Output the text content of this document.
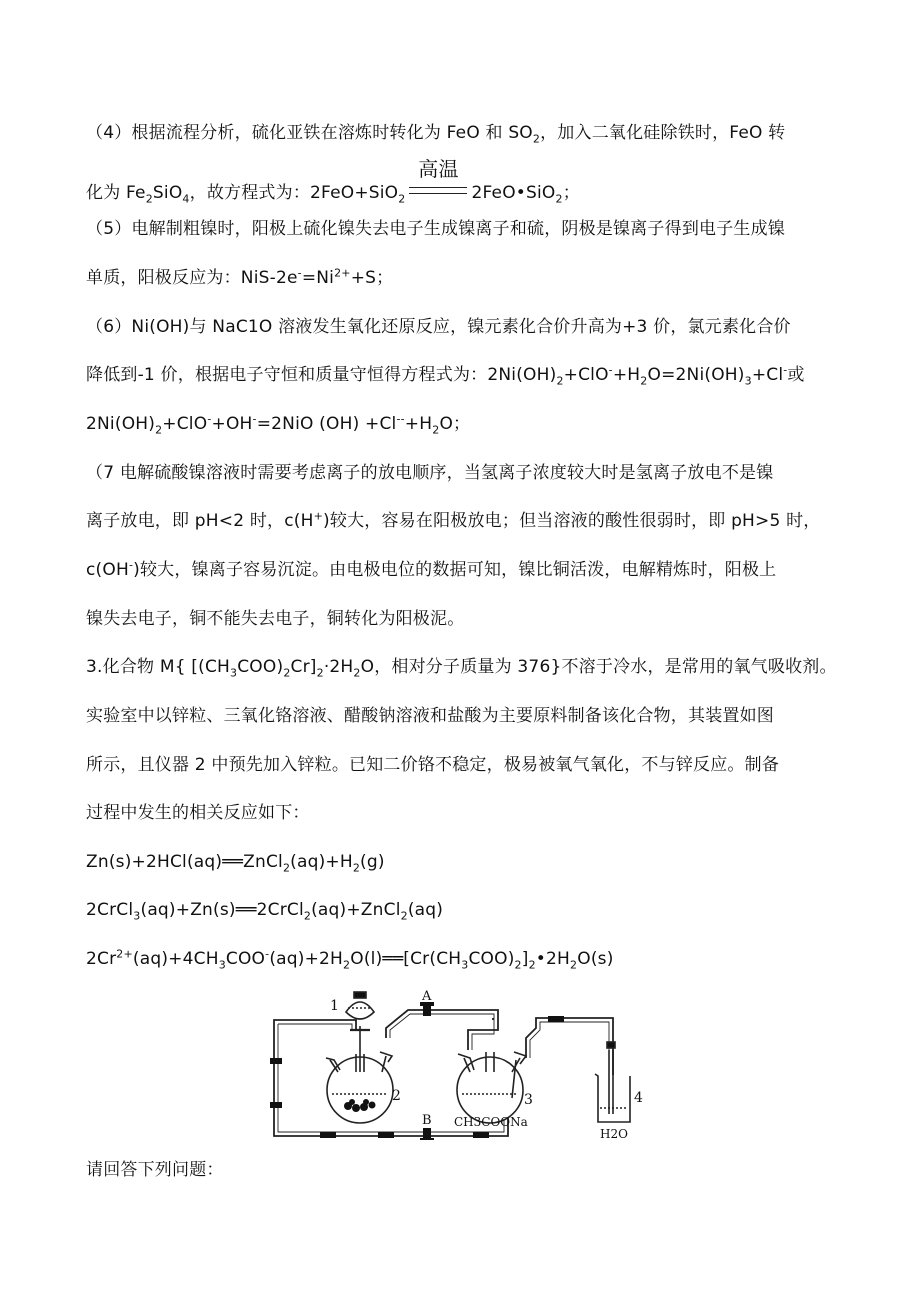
（4）根据流程分析，硫化亚铁在溶炼时转化为 FeO 和 $SO_2$，加入二氧化硅除铁时，FeO 转
化为 $Fe_2SiO_4$，故方程式为：2FeO+SiO$_2$
高温
2FeO•SiO$_2$；
（5）电解制粗镍时，阳极上硫化镍失去电子生成镍离子和硫，阴极是镍离子得到电子生成镍
单质，阳极反应为：NiS-$2e^-=Ni^{2+}+S$；
（6）Ni(OH)与 NaC1O 溶液发生氧化还原反应，镍元素化合价升高为+3 价，氯元素化合价
降低到-1 价，根据电子守恒和质量守恒得方程式为：$2Ni(OH)_2+ClO^-+H_2O=2Ni(OH)_3+Cl^-$或
$2Ni(OH)_2+ClO^-+OH^-=2NiO$ $(OH) +Cl^{--}+H_2O$；
（7 电解硫酸镍溶液时需要考虑离子的放电顺序，当氢离子浓度较大时是氢离子放电不是镍
离子放电，即 pH<2 时，c(H+)较大，容易在阳极放电；但当溶液的酸性很弱时，即 pH>5 时，
c(OH-)较大，镍离子容易沉淀。由电极电位的数据可知，镍比铜活泼，电解精炼时，阳极上
镍失去电子，铜不能失去电子，铜转化为阳极泥。
3.化合物 M{ $[(CH_3COO)_2Cr]_2\cdot 2H_2O$，相对分子质量为 376}不溶于冷水，是常用的氧气吸收剂。
实验室中以锌粒、三氧化铬溶液、醋酸钠溶液和盐酸为主要原料制备该化合物，其装置如图
所示，且仪器 2 中预先加入锌粒。已知二价铬不稳定，极易被氧气氧化，不与锌反应。制备
过程中发生的相关反应如下：
$Zn(s)+2HCl(aq)══ZnCl_2(aq)+H_2(g)$
2CrCl$_3$(aq)+Zn(s)══2CrCl$_2$(aq)+ZnCl$_2$(aq)
$2Cr^{2+}(aq)+4CH_3COO^-(aq)+2H_2O(l)══[Cr(CH_3COO)_2]_2•2H_2O(s)$
1
2	3	4
A
B CH3COONa
H2O
请回答下列问题：
